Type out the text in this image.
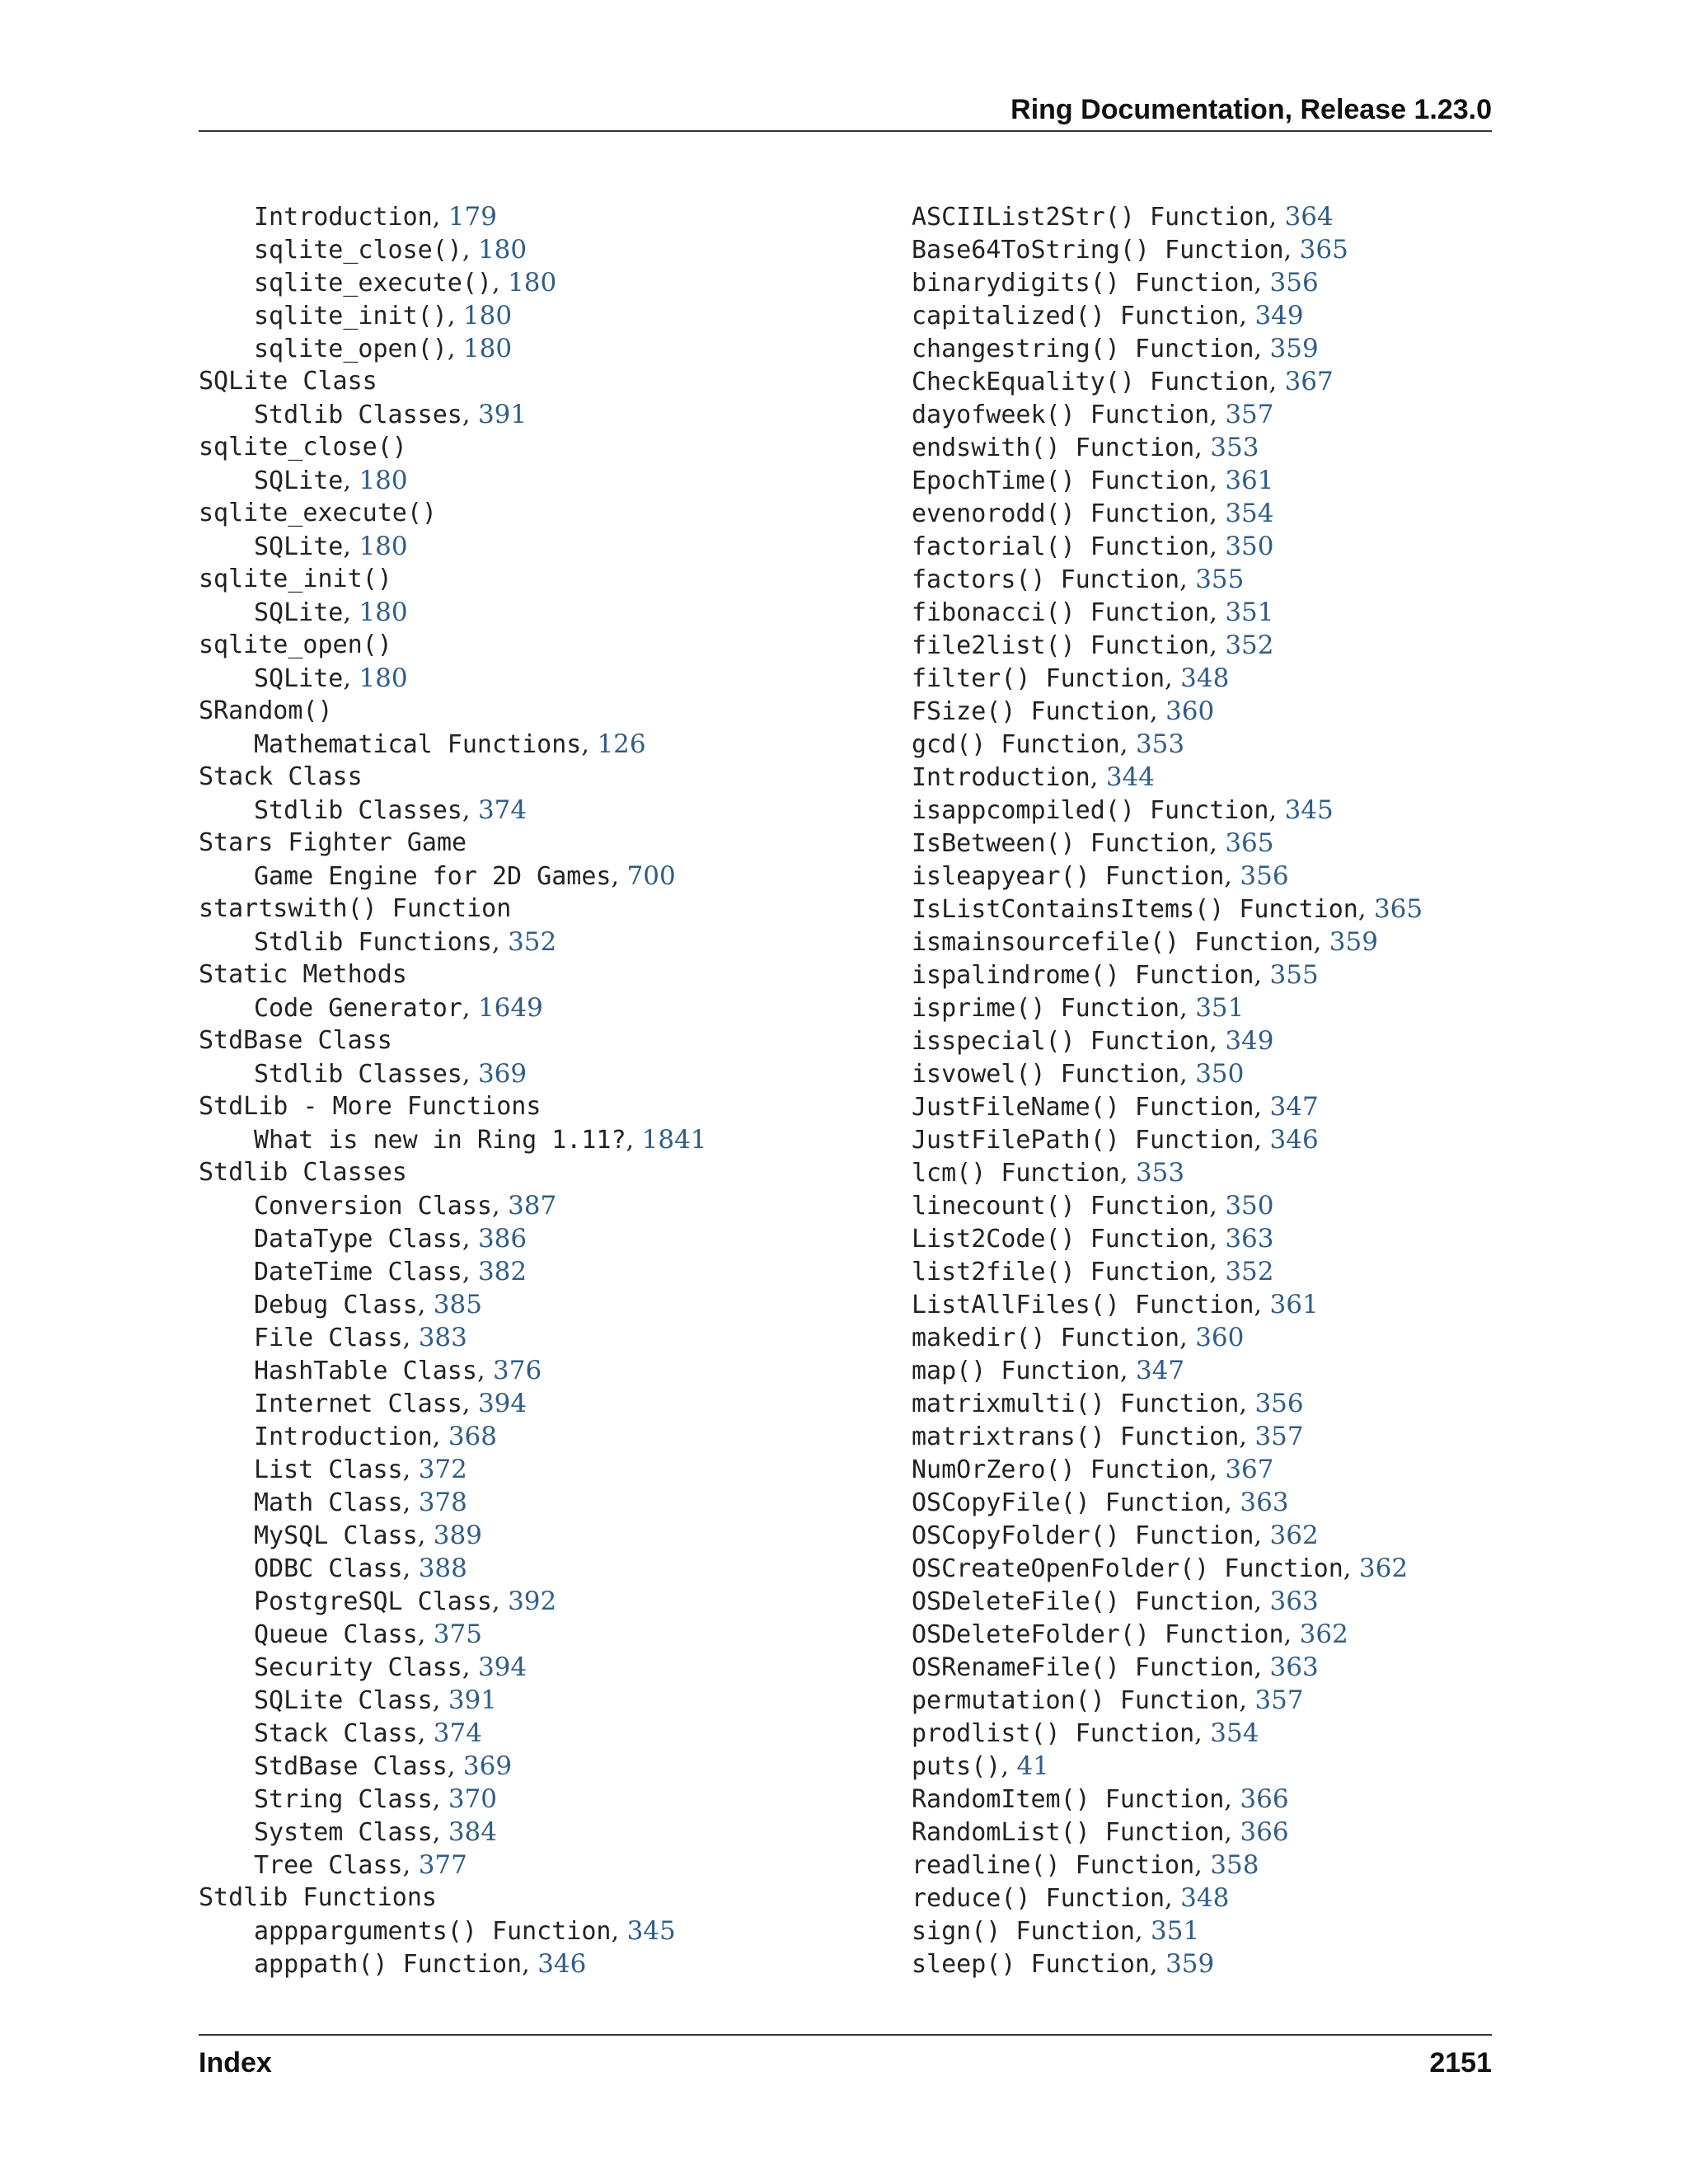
Ring Documentation, Release 1.23.0
Introduction, 179
sqlite_close(), 180
sqlite_execute(), 180
sqlite_init(), 180
sqlite_open(), 180
SQLite Class
Stdlib Classes, 391
sqlite_close()
SQLite, 180
sqlite_execute()
SQLite, 180
sqlite_init()
SQLite, 180
sqlite_open()
SQLite, 180
SRandom()
Mathematical Functions, 126
Stack Class
Stdlib Classes, 374
Stars Fighter Game
Game Engine for 2D Games, 700
startswith() Function
Stdlib Functions, 352
Static Methods
Code Generator, 1649
StdBase Class
Stdlib Classes, 369
StdLib - More Functions
What is new in Ring 1.11?, 1841
Stdlib Classes
Conversion Class, 387
DataType Class, 386
DateTime Class, 382
Debug Class, 385
File Class, 383
HashTable Class, 376
Internet Class, 394
Introduction, 368
List Class, 372
Math Class, 378
MySQL Class, 389
ODBC Class, 388
PostgreSQL Class, 392
Queue Class, 375
Security Class, 394
SQLite Class, 391
Stack Class, 374
StdBase Class, 369
String Class, 370
System Class, 384
Tree Class, 377
Stdlib Functions
appparguments() Function, 345
apppath() Function, 346
ASCIIList2Str() Function, 364
Base64ToString() Function, 365
binarydigits() Function, 356
capitalized() Function, 349
changestring() Function, 359
CheckEquality() Function, 367
dayofweek() Function, 357
endswith() Function, 353
EpochTime() Function, 361
evenorodd() Function, 354
factorial() Function, 350
factors() Function, 355
fibonacci() Function, 351
file2list() Function, 352
filter() Function, 348
FSize() Function, 360
gcd() Function, 353
Introduction, 344
isappcompiled() Function, 345
IsBetween() Function, 365
isleapyear() Function, 356
IsListContainsItems() Function, 365
ismainsourcefile() Function, 359
ispalindrome() Function, 355
isprime() Function, 351
isspecial() Function, 349
isvowel() Function, 350
JustFileName() Function, 347
JustFilePath() Function, 346
lcm() Function, 353
linecount() Function, 350
List2Code() Function, 363
list2file() Function, 352
ListAllFiles() Function, 361
makedir() Function, 360
map() Function, 347
matrixmulti() Function, 356
matrixtrans() Function, 357
NumOrZero() Function, 367
OSCopyFile() Function, 363
OSCopyFolder() Function, 362
OSCreateOpenFolder() Function, 362
OSDeleteFile() Function, 363
OSDeleteFolder() Function, 362
OSRenameFile() Function, 363
permutation() Function, 357
prodlist() Function, 354
puts(), 41
RandomItem() Function, 366
RandomList() Function, 366
readline() Function, 358
reduce() Function, 348
sign() Function, 351
sleep() Function, 359
Index	2151
